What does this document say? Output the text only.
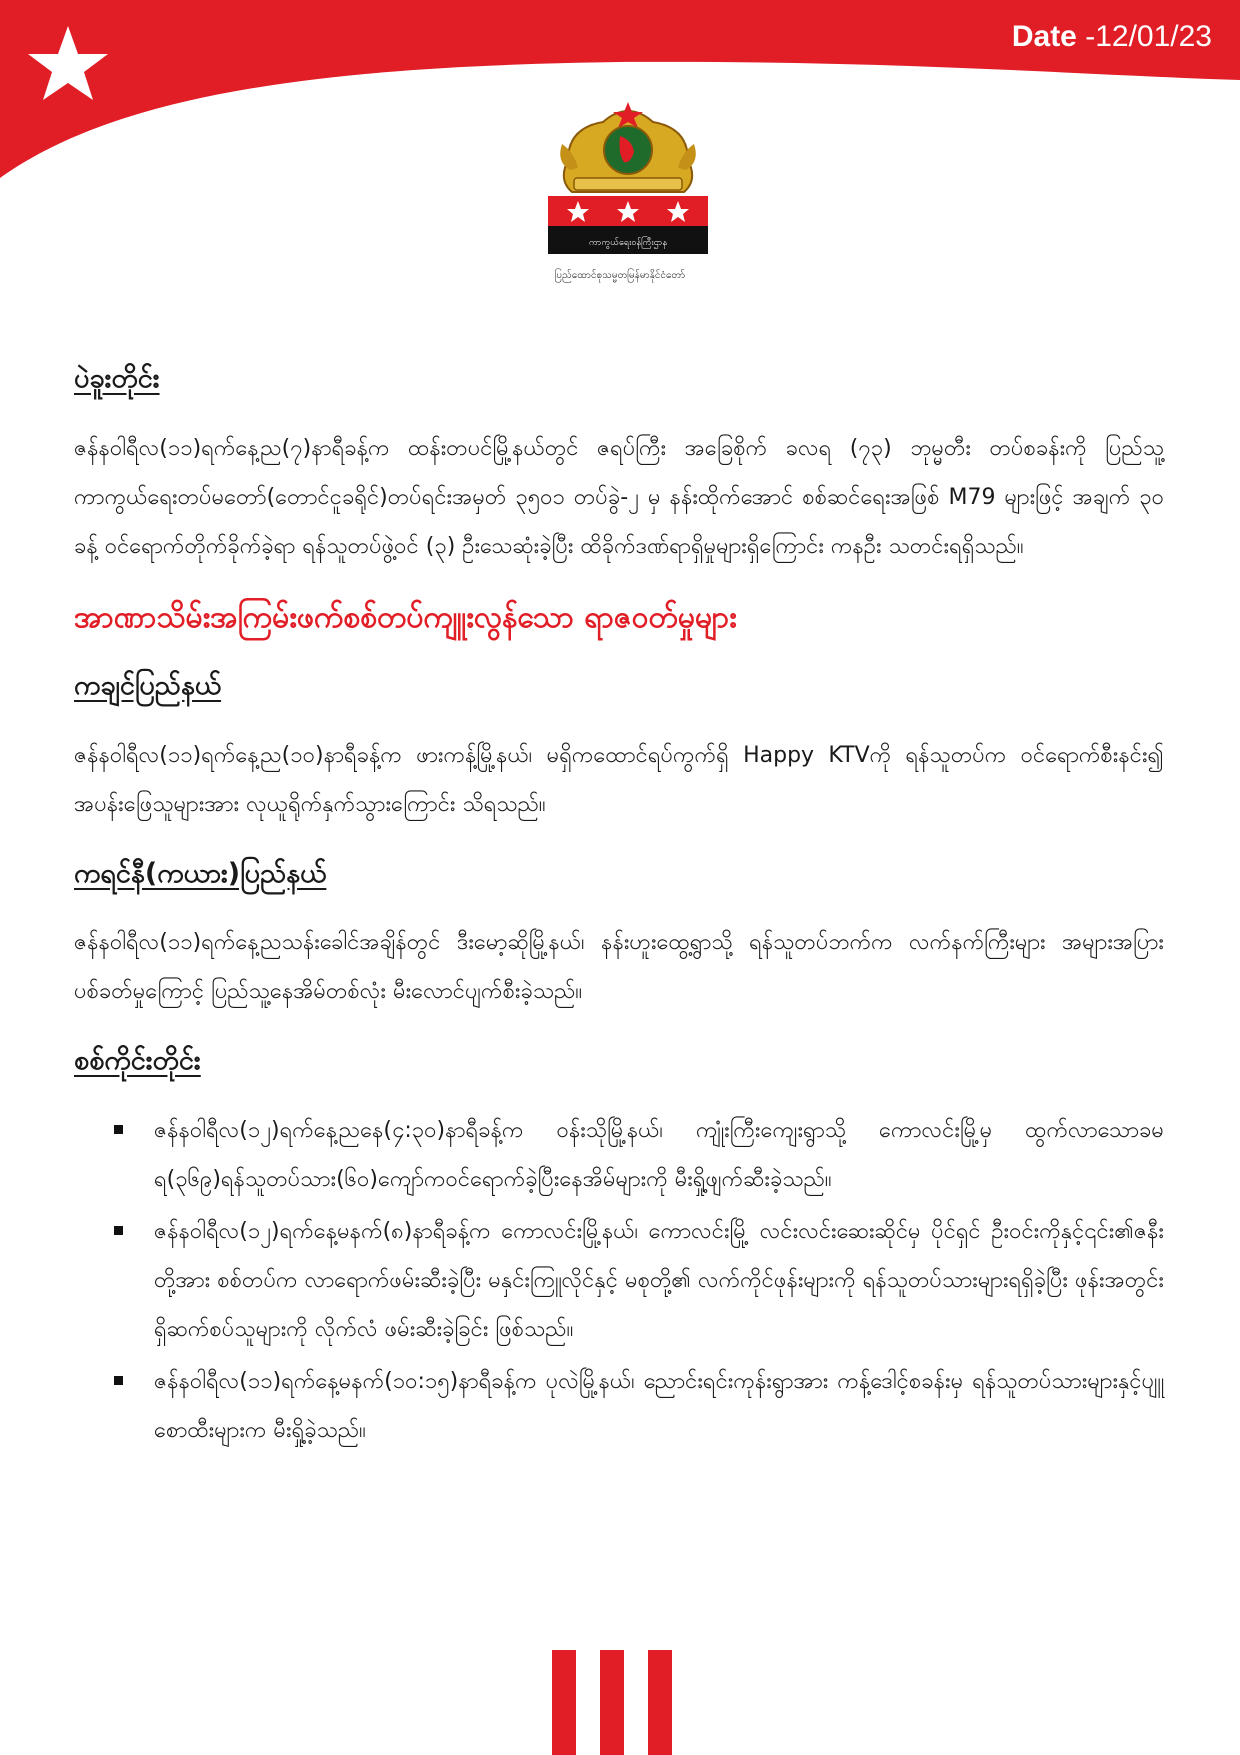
Date -12/01/23
ကာကွယ်ရေးဝန်ကြီးဌာန
ပြည်ထောင်စုသမ္မတမြန်မာနိုင်ငံတော်
ပဲခူးတိုင်း

ဇန်နဝါရီလ(၁၁)ရက်နေ့ည(၇)နာရီခန့်က ထန်းတပင်မြို့နယ်တွင် ဇရပ်ကြီး အခြေစိုက် ခလရ (၇၃) ဘုမ္မတီး တပ်စခန်းကို ပြည်သူ့ကာကွယ်ရေးတပ်မတော်(တောင်ငူခရိုင်)တပ်ရင်းအမှတ် ၃၅၀၁ တပ်ခွဲ-၂ မှ နန်းထိုက်အောင် စစ်ဆင်ရေးအဖြစ် M79 များဖြင့် အချက် ၃၀ ခန့် ဝင်ရောက်တိုက်ခိုက်ခဲ့ရာ ရန်သူတပ်ဖွဲ့ဝင် (၃) ဦးသေဆုံးခဲ့ပြီး ထိခိုက်ဒဏ်ရာရှိမှုများရှိကြောင်း ကနဦး သတင်းရရှိသည်။

အာဏာသိမ်းအကြမ်းဖက်စစ်တပ်ကျူးလွန်သော ရာဇဝတ်မှုများ
ကချင်ပြည်နယ်

ဇန်နဝါရီလ(၁၁)ရက်နေ့ည(၁၀)နာရီခန့်က ဖားကန့်မြို့နယ်၊ မရှိကထောင်ရပ်ကွက်ရှိ Happy KTVကို ရန်သူတပ်က ဝင်ရောက်စီးနင်း၍ အပန်းဖြေသူများအား လုယူရိုက်နှက်သွားကြောင်း သိရသည်။

ကရင်နီ(ကယား)ပြည်နယ်

ဇန်နဝါရီလ(၁၁)ရက်နေ့ညသန်းခေါင်အချိန်တွင် ဒီးမော့ဆိုမြို့နယ်၊ နန်းဟူးထွေ့ရွာသို့ ရန်သူတပ်ဘက်က လက်နက်ကြီးများ အများအပြားပစ်ခတ်မှုကြောင့် ပြည်သူ့နေအိမ်တစ်လုံး မီးလောင်ပျက်စီးခဲ့သည်။

စစ်ကိုင်းတိုင်း
ဇန်နဝါရီလ(၁၂)ရက်နေ့ညနေ(၄:၃၀)နာရီခန့်က ဝန်းသိုမြို့နယ်၊ ကျုံးကြီးကျေးရွာသို့ ကောလင်းမြို့မှ ထွက်လာသောခမရ(၃၆၉)ရန်သူတပ်သား(၆၀)ကျော်ကဝင်ရောက်ခဲ့ပြီးနေအိမ်များကို မီးရှို့ဖျက်ဆီးခဲ့သည်။
ဇန်နဝါရီလ(၁၂)ရက်နေ့မနက်(၈)နာရီခန့်က ကောလင်းမြို့နယ်၊ ကောလင်းမြို့ လင်းလင်းဆေးဆိုင်မှ ပိုင်ရှင် ဦးဝင်းကိုနှင့်၎င်း၏ဇနီးတို့အား စစ်တပ်က လာရောက်ဖမ်းဆီးခဲ့ပြီး မနှင်းကြူလိုင်နှင့် မစုတို့၏ လက်ကိုင်ဖုန်းများကို ရန်သူတပ်သားများရရှိခဲ့ပြီး ဖုန်းအတွင်းရှိဆက်စပ်သူများကို လိုက်လံ ဖမ်းဆီးခဲ့ခြင်း ဖြစ်သည်။
ဇန်နဝါရီလ(၁၁)ရက်နေ့မနက်(၁၀:၁၅)နာရီခန့်က ပုလဲမြို့နယ်၊ ညောင်းရင်းကုန်းရွာအား ကန့်ဒေါင့်စခန်းမှ ရန်သူတပ်သားများနှင့်ပျူစောထီးများက မီးရှို့ခဲ့သည်။
